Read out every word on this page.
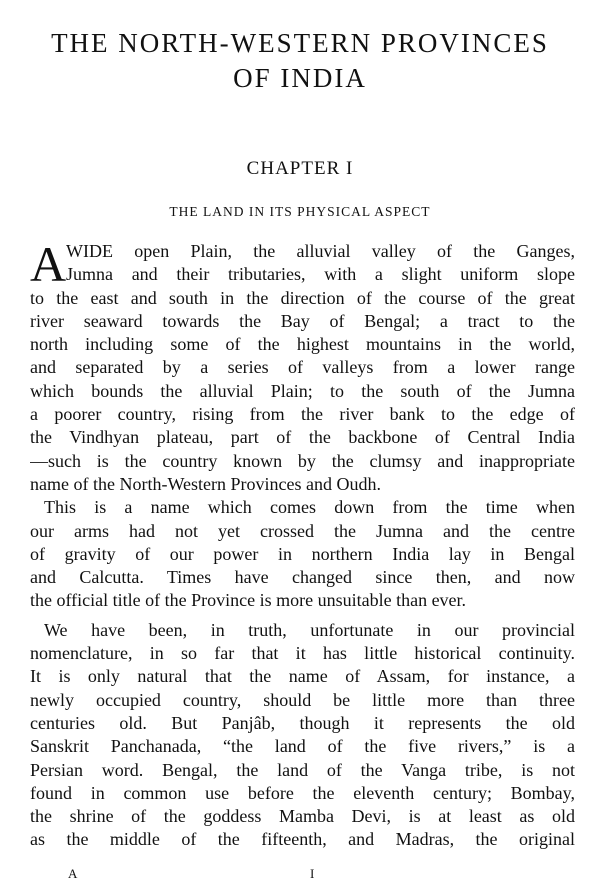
THE NORTH-WESTERN PROVINCES
OF INDIA
CHAPTER I
THE LAND IN ITS PHYSICAL ASPECT
A WIDE open Plain, the alluvial valley of the Ganges,
Jumna and their tributaries, with a slight uniform slope
to the east and south in the direction of the course of the great
river seaward towards the Bay of Bengal; a tract to the
north including some of the highest mountains in the world,
and separated by a series of valleys from a lower range
which bounds the alluvial Plain; to the south of the Jumna
a poorer country, rising from the river bank to the edge of
the Vindhyan plateau, part of the backbone of Central India
—such is the country known by the clumsy and inappropriate
name of the North-Western Provinces and Oudh.
This is a name which comes down from the time when
our arms had not yet crossed the Jumna and the centre
of gravity of our power in northern India lay in Bengal
and Calcutta. Times have changed since then, and now
the official title of the Province is more unsuitable than ever.
We have been, in truth, unfortunate in our provincial
nomenclature, in so far that it has little historical continuity.
It is only natural that the name of Assam, for instance, a
newly occupied country, should be little more than three
centuries old. But Panjâb, though it represents the old
Sanskrit Panchanada, “the land of the five rivers,” is a
Persian word. Bengal, the land of the Vanga tribe, is not
found in common use before the eleventh century; Bombay,
the shrine of the goddess Mamba Devi, is at least as old
as the middle of the fifteenth, and Madras, the original
A	I
